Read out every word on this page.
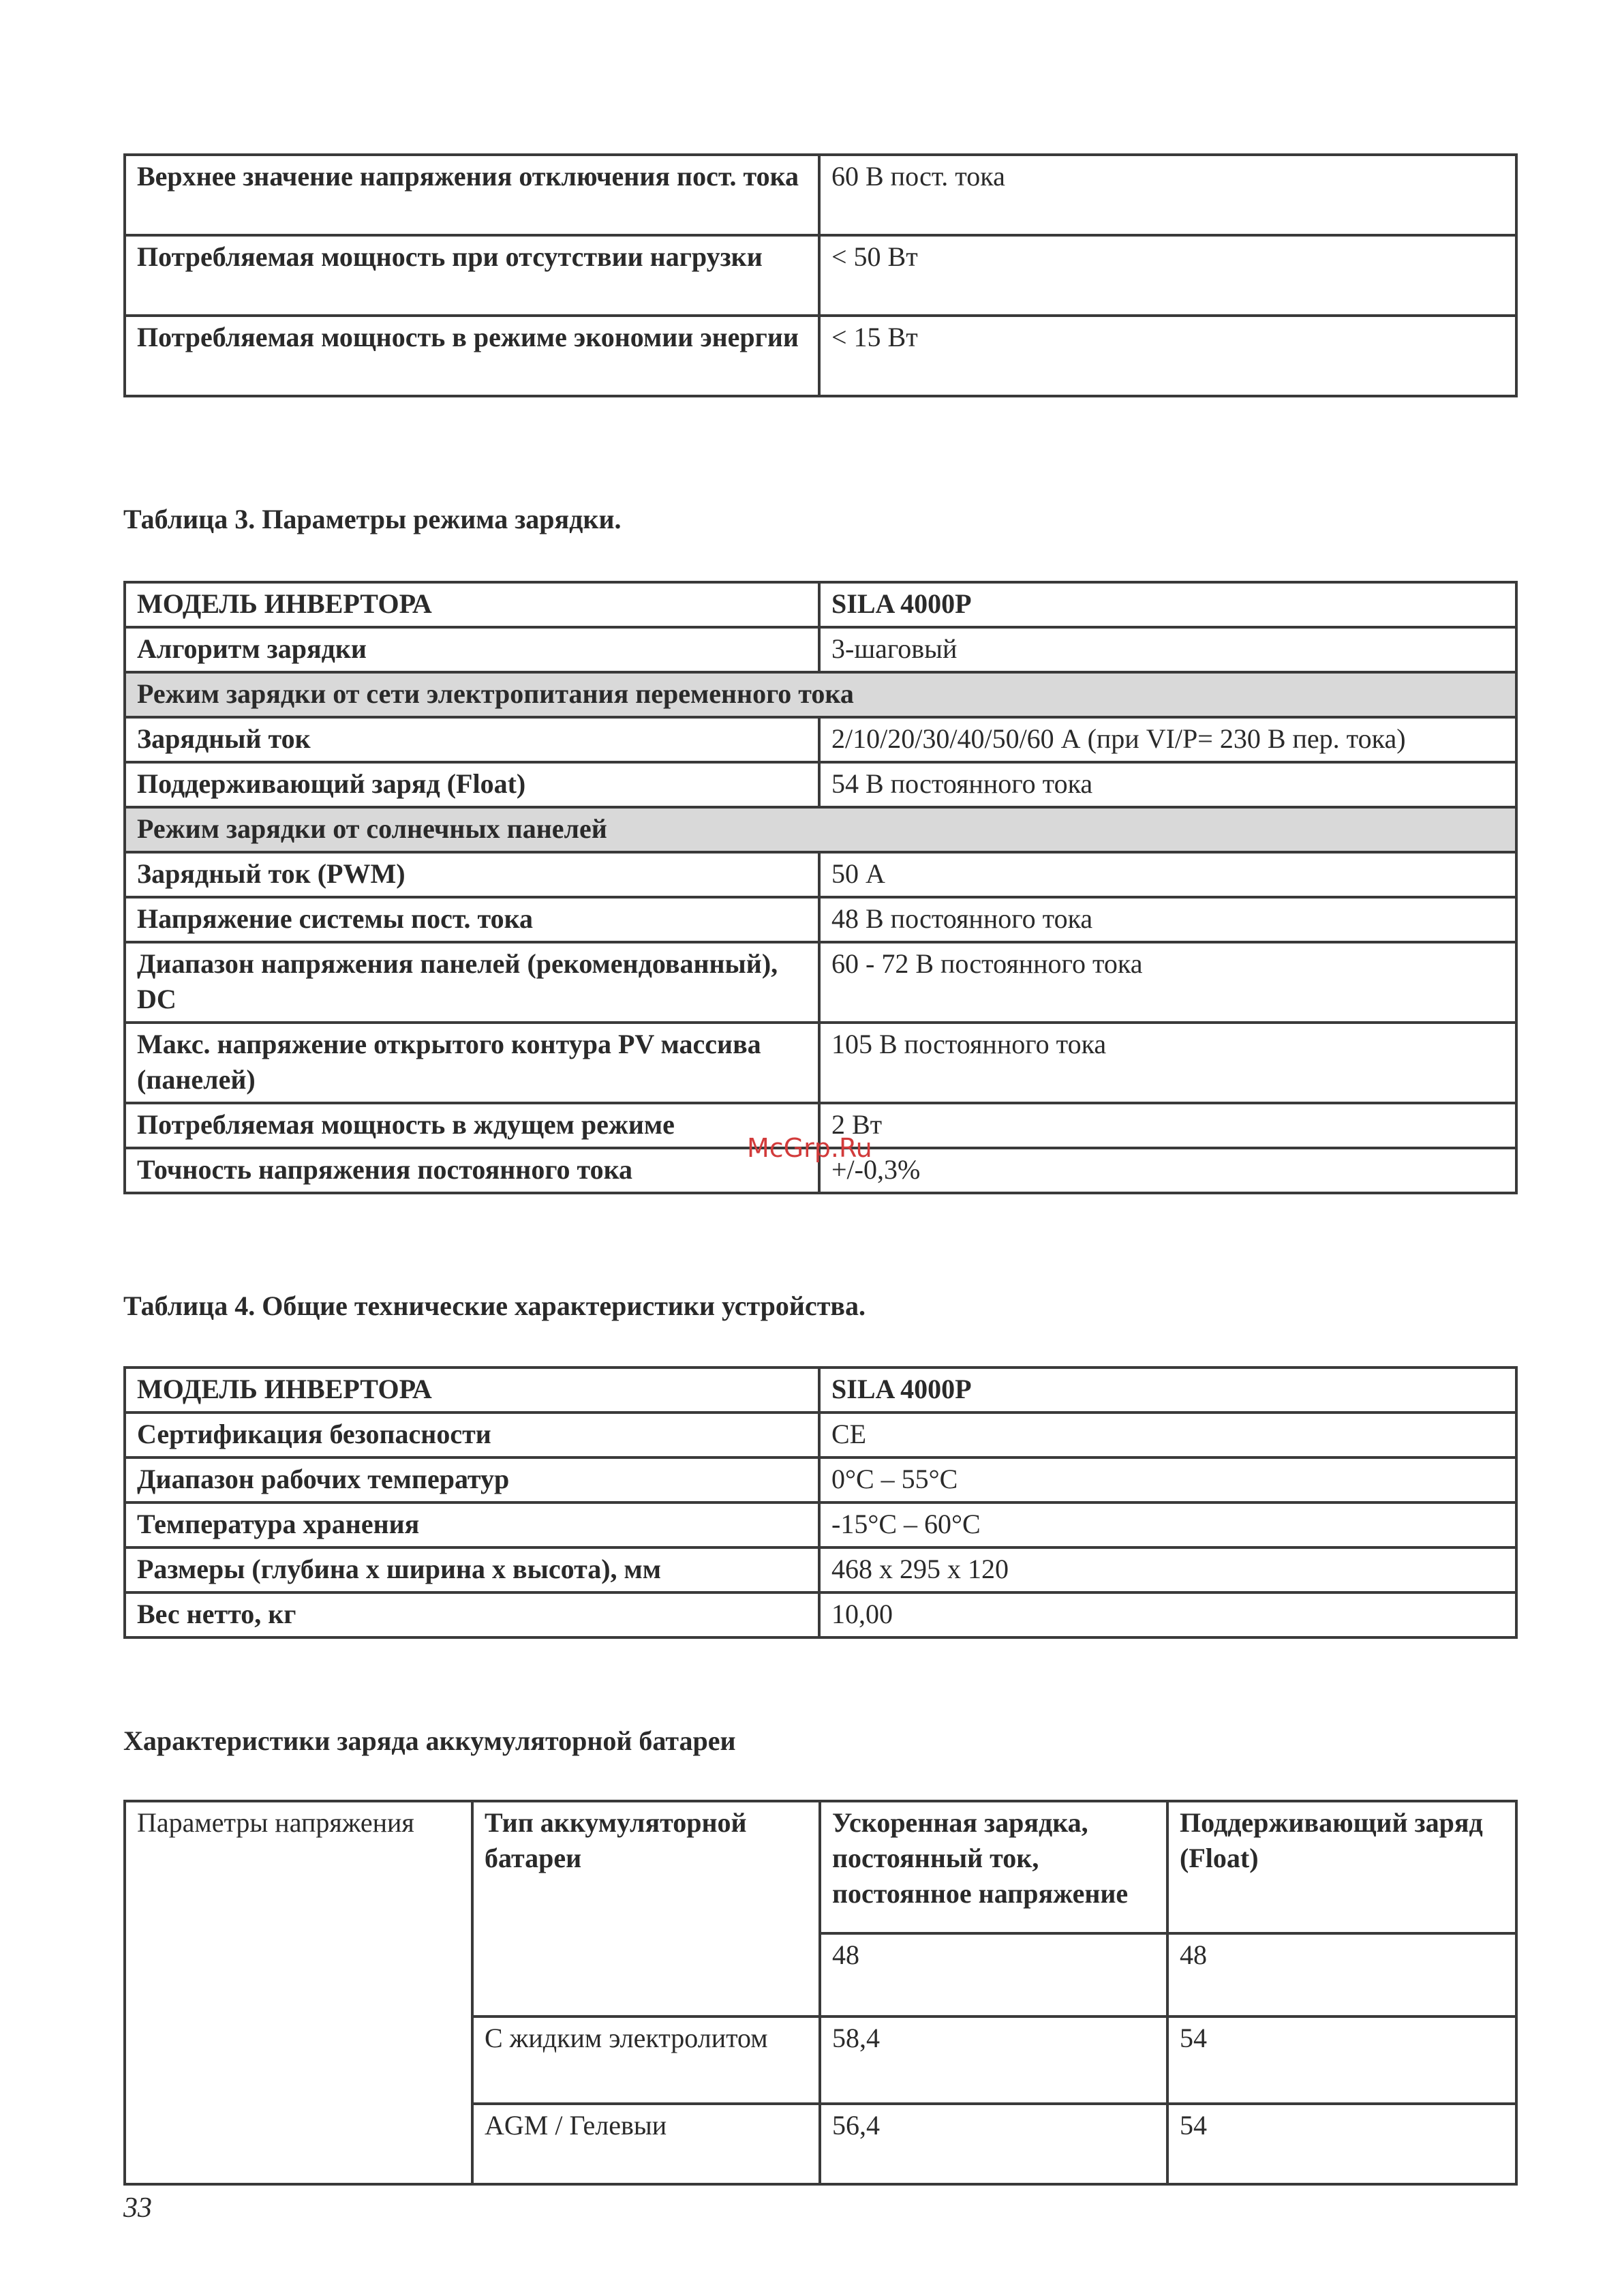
Верхнее значение напряжения отключения пост. тока	60 В пост. тока
Потребляемая мощность при отсутствии нагрузки	< 50 Вт
Потребляемая мощность в режиме экономии энергии	< 15 Вт
Таблица 3. Параметры режима зарядки.
МОДЕЛЬ ИНВЕРТОРА	SILA 4000P
Алгоритм зарядки	3-шаговый
Режим зарядки от сети электропитания переменного тока	
Зарядный ток	2/10/20/30/40/50/60 А (при VI/P= 230 В пер. тока)
Поддерживающий заряд (Float)	54 В постоянного тока
Режим зарядки от солнечных панелей	
Зарядный ток (PWM)	50 А
Напряжение системы пост. тока	48 В постоянного тока
Диапазон напряжения панелей (рекомендованный), DC	60 - 72 В постоянного тока
Макс. напряжение открытого контура PV массива (панелей)	105 В постоянного тока
Потребляемая мощность в ждущем режиме	2 Вт
Точность напряжения постоянного тока	+/-0,3%
McGrp.Ru
Таблица 4. Общие технические характеристики устройства.
МОДЕЛЬ ИНВЕРТОРА	SILA 4000P
Сертификация безопасности	CE
Диапазон рабочих температур	0°C – 55°C
Температура хранения	-15°C – 60°C
Размеры (глубина х ширина х высота), мм	468 х 295 х 120
Вес нетто, кг	10,00
Характеристики заряда аккумуляторной батареи
Параметры напряжения	Тип аккумуляторной батареи	Ускоренная зарядка, постоянный ток, постоянное напряжение	Поддерживающий заряд (Float)
		48	48
	С жидким электролитом	58,4	54
	AGM / Гелевыи	56,4	54
33
